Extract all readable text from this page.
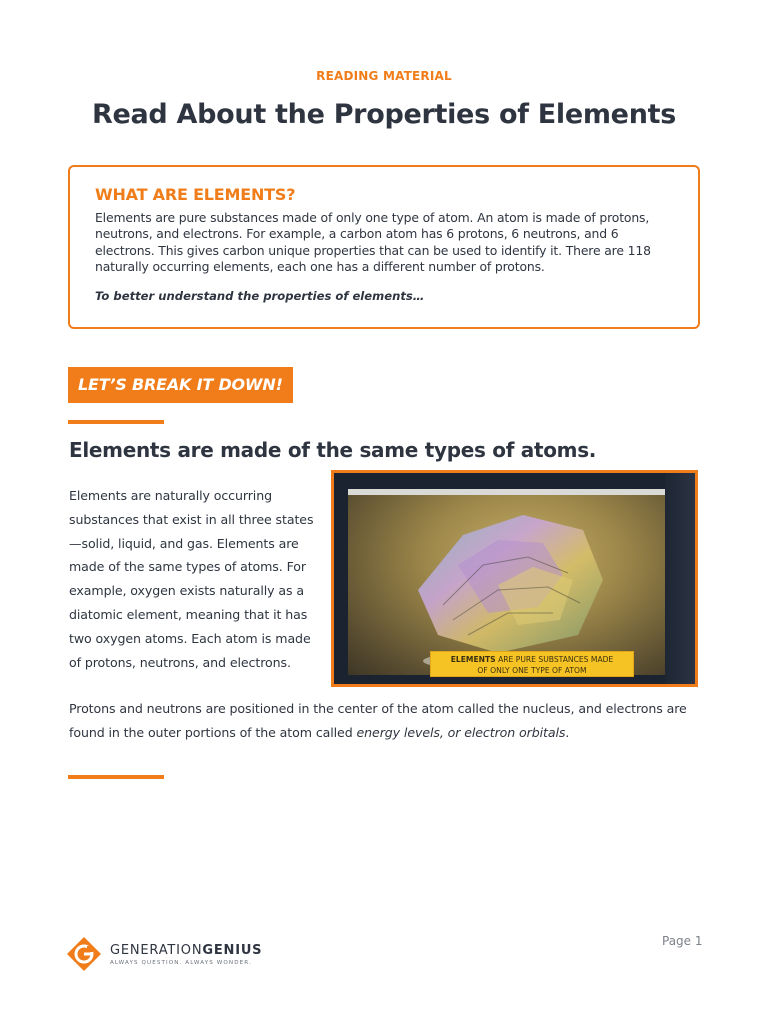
READING MATERIAL
Read About the Properties of Elements
WHAT ARE ELEMENTS?

Elements are pure substances made of only one type of atom. An atom is made of protons, neutrons, and electrons. For example, a carbon atom has 6 protons, 6 neutrons, and 6 electrons. This gives carbon unique properties that can be used to identify it. There are 118 naturally occurring elements, each one has a different number of protons.

To better understand the properties of elements…

LET’S BREAK IT DOWN!
Elements are made of the same types of atoms.

Elements are naturally occurring substances that exist in all three states—solid, liquid, and gas. Elements are made of the same types of atoms. For example, oxygen exists naturally as a diatomic element, meaning that it has two oxygen atoms. Each atom is made of protons, neutrons, and electrons.	ELEMENTS ARE PURE SUBSTANCES MADE
OF ONLY ONE TYPE OF ATOM

Protons and neutrons are positioned in the center of the atom called the nucleus, and electrons are found in the outer portions of the atom called energy levels, or electron orbitals.

GENERATIONGENIUS
ALWAYS QUESTION. ALWAYS WONDER.
Page 1
